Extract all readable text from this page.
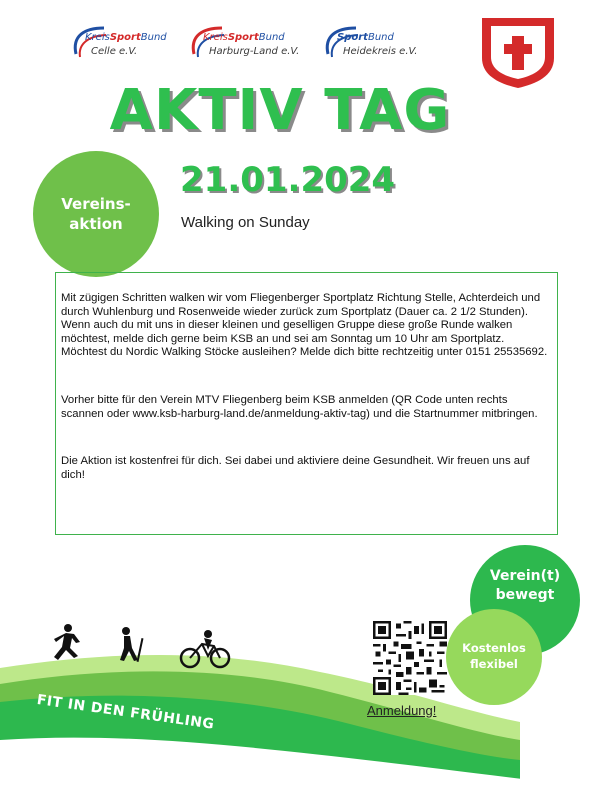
KreisSportBund
Celle e.V.
KreisSportBund
Harburg-Land e.V.
SportBund
Heidekreis e.V.
AKTIV TAG
21.01.2024
Walking on Sunday
Vereins-
aktion

Mit zügigen Schritten walken wir vom Fliegenberger Sportplatz Richtung Stelle, Achterdeich und durch Wuhlenburg und Rosenweide wieder zurück zum Sportplatz (Dauer ca. 2 1/2 Stunden). Wenn auch du mit uns in dieser kleinen und geselligen Gruppe diese große Runde walken möchtest, melde dich gerne beim KSB an und sei am Sonntag um 10 Uhr am Sportplatz. Möchtest du Nordic Walking Stöcke ausleihen? Melde dich bitte rechtzeitig unter 0151 25535692.

Vorher bitte für den Verein MTV Fliegenberg beim KSB anmelden (QR Code unten rechts scannen oder www.ksb-harburg-land.de/anmeldung-aktiv-tag) und die Startnummer mitbringen.

Die Aktion ist kostenfrei für dich. Sei dabei und aktiviere deine Gesundheit. Wir freuen uns auf dich!

FIT IN DEN FRÜHLING	Anmeldung!
Verein(t)
bewegt
Kostenlos
flexibel
